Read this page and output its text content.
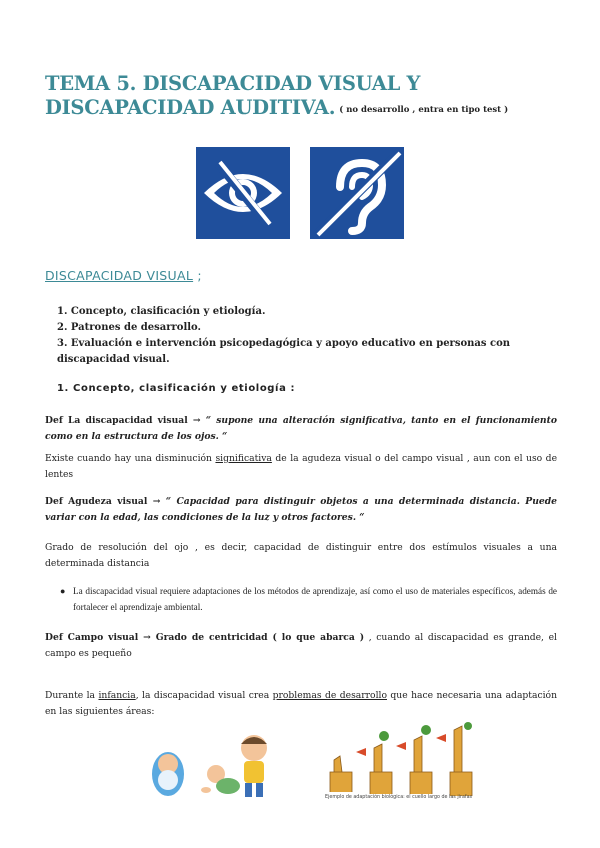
TEMA 5. DISCAPACIDAD VISUAL Y DISCAPACIDAD AUDITIVA. ( no desarrollo , entra en tipo test )
DISCAPACIDAD VISUAL ;
1. Concepto, clasificación y etiología.
2. Patrones de desarrollo.
3. Evaluación e intervención psicopedagógica y apoyo educativo en personas con discapacidad visual.
1. Concepto, clasificación y etiología :
Def La discapacidad visual → “ supone una alteración significativa, tanto en el funcionamiento como en la estructura de los ojos. “
Existe cuando hay una disminución significativa de la agudeza visual o del campo visual , aun con el uso de lentes
Def Agudeza visual → “ Capacidad para distinguir objetos a una determinada distancia. Puede variar con la edad, las condiciones de la luz y otros factores. “
Grado de resolución del ojo , es decir, capacidad de distinguir entre dos estímulos visuales a una determinada distancia
● La discapacidad visual requiere adaptaciones de los métodos de aprendizaje, así como el uso de materiales específicos, además de fortalecer el aprendizaje ambiental.
Def Campo visual → Grado de centricidad ( lo que abarca ) , cuando al discapacidad es grande, el campo es pequeño
Durante la infancia, la discapacidad visual crea problemas de desarrollo que hace necesaria una adaptación en las siguientes áreas:
Ejemplo de adaptación biológica: el cuello largo de las jirafas
